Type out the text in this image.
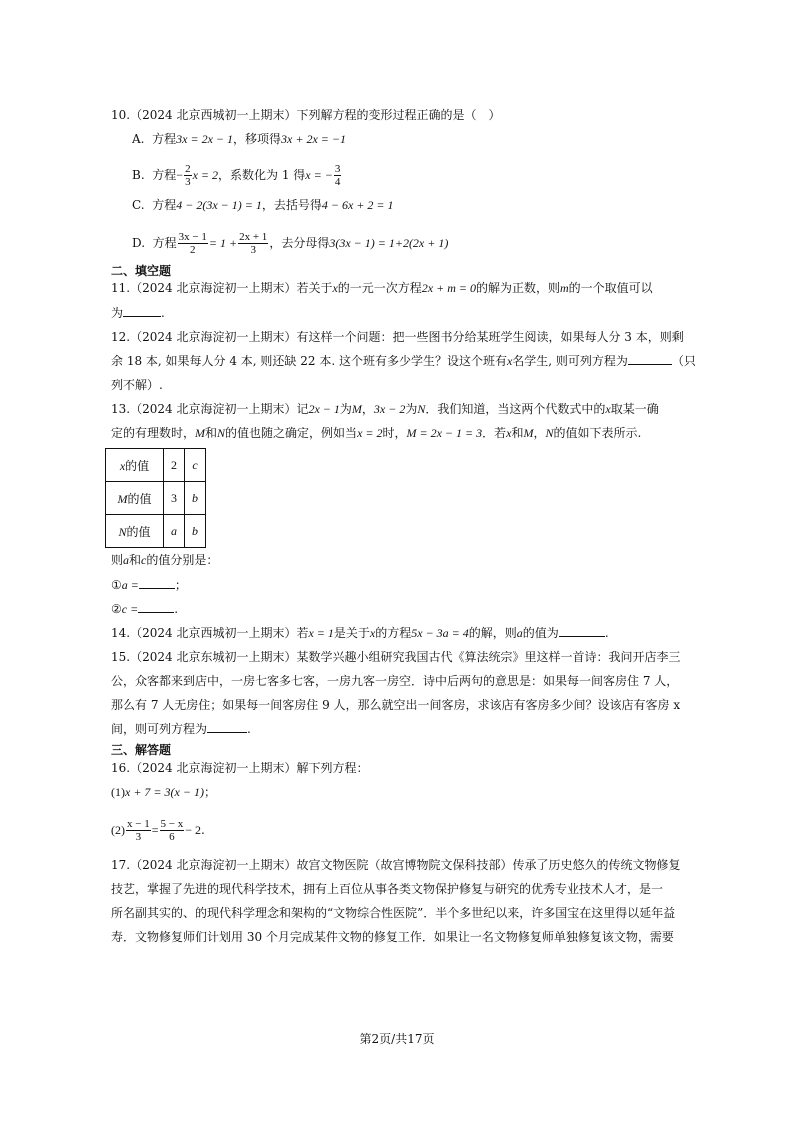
10.（2024 北京西城初一上期末）下列解方程的变形过程正确的是（　）
A. 方程3x = 2x − 1，移项得3x + 2x = −1
B. 方程− $\frac{2}{3}$ x = 2，系数化为 1 得x = − $\frac{3}{4}$
C. 方程4 − 2(3x − 1) = 1，去括号得4 − 6x + 2 = 1
D. 方程 $\frac{3x - 1}{2} = 1 + \frac{2x + 1}{3}$ ，去分母得3(3x − 1) = 1+2(2x + 1)
二、填空题
11.（2024 北京海淀初一上期末）若关于x的一元一次方程2x + m = 0的解为正数，则m的一个取值可以
为	.
12.（2024 北京海淀初一上期末）有这样一个问题：把一些图书分给某班学生阅读，如果每人分 3 本，则剩
余 18 本, 如果每人分 4 本, 则还缺 22 本. 这个班有多少学生？设这个班有x名学生, 则可列方程为	（只
列不解）.
13.（2024 北京海淀初一上期末）记2x − 1为M，3x − 2为N．我们知道，当这两个代数式中的x取某一确
定的有理数时，M和N的值也随之确定，例如当x = 2时，M = 2x − 1 = 3．若x和M，N的值如下表所示.
x的值	2	c
M的值	3	b
N的值	a	b
则a和c的值分别是：
①a =	；
②c =	.
14.（2024 北京西城初一上期末）若x = 1是关于x的方程5x − 3a = 4的解，则a的值为	.
15.（2024 北京东城初一上期末）某数学兴趣小组研究我国古代《算法统宗》里这样一首诗：我问开店李三
公，众客都来到店中，一房七客多七客，一房九客一房空．诗中后两句的意思是：如果每一间客房住 7 人，
那么有 7 人无房住；如果每一间客房住 9 人，那么就空出一间客房，求该店有客房多少间？设该店有客房 x
间，则可列方程为	.
三、解答题
16.（2024 北京海淀初一上期末）解下列方程：
(1)x + 7 = 3(x − 1)；
$(2) \frac{x - 1}{3} = \frac{5 - x}{6} - 2$.
17.（2024 北京海淀初一上期末）故宫文物医院（故宫博物院文保科技部）传承了历史悠久的传统文物修复
技艺，掌握了先进的现代科学技术，拥有上百位从事各类文物保护修复与研究的优秀专业技术人才，是一
所名副其实的、的现代科学理念和架构的“文物综合性医院”．半个多世纪以来，许多国宝在这里得以延年益
寿．文物修复师们计划用 30 个月完成某件文物的修复工作．如果让一名文物修复师单独修复该文物，需要
第2页/共17页
